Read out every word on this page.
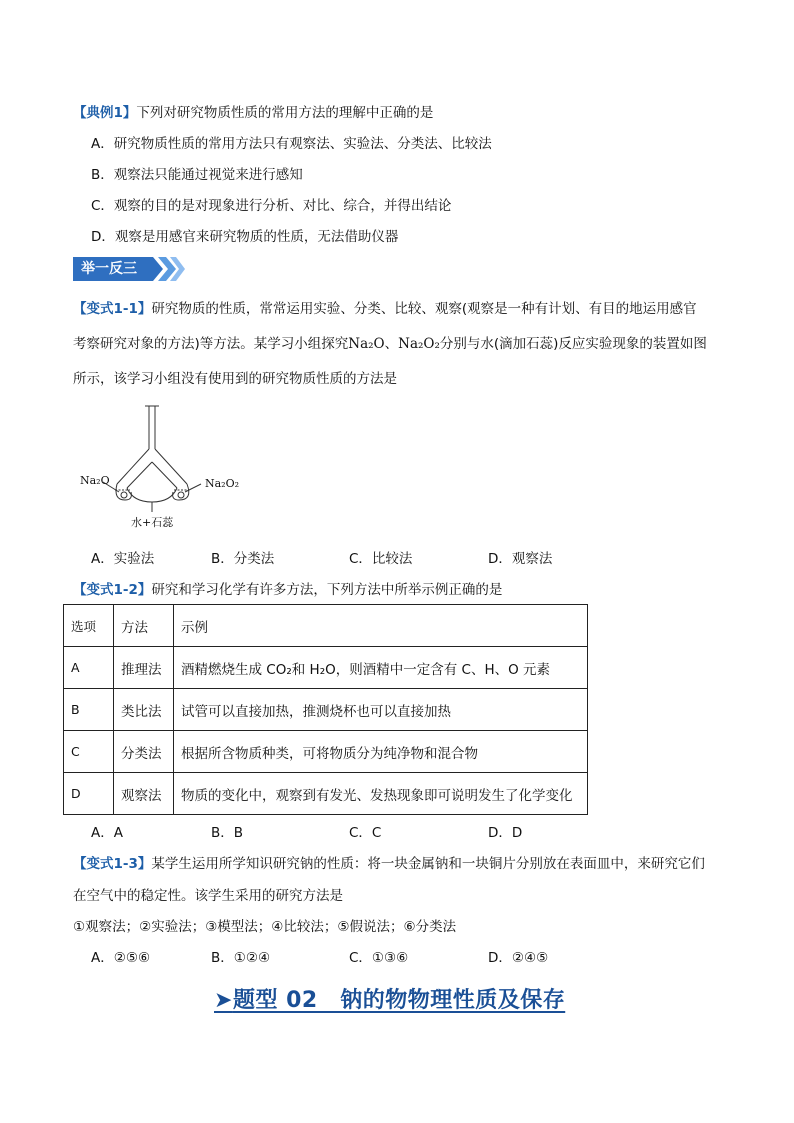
【典例1】下列对研究物质性质的常用方法的理解中正确的是
A．研究物质性质的常用方法只有观察法、实验法、分类法、比较法
B．观察法只能通过视觉来进行感知
C．观察的目的是对现象进行分析、对比、综合，并得出结论
D．观察是用感官来研究物质的性质，无法借助仪器
举一反三
【变式1-1】研究物质的性质，常常运用实验、分类、比较、观察(观察是一种有计划、有目的地运用感官
考察研究对象的方法)等方法。某学习小组探究Na₂O、Na₂O₂分别与水(滴加石蕊)反应实验现象的装置如图
所示，该学习小组没有使用到的研究物质性质的方法是
Na₂O	Na₂O₂
水+石蕊
A．实验法	B．分类法	C．比较法	D．观察法
【变式1-2】研究和学习化学有许多方法，下列方法中所举示例正确的是
选项	方法	示例
A	推理法	酒精燃烧生成 CO₂和 H₂O，则酒精中一定含有 C、H、O 元素
B	类比法	试管可以直接加热，推测烧杯也可以直接加热
C	分类法	根据所含物质种类，可将物质分为纯净物和混合物
D	观察法	物质的变化中，观察到有发光、发热现象即可说明发生了化学变化
A．A	B．B	C．C	D．D
【变式1-3】某学生运用所学知识研究钠的性质：将一块金属钠和一块铜片分别放在表面皿中，来研究它们
在空气中的稳定性。该学生采用的研究方法是
①观察法；②实验法；③模型法；④比较法；⑤假说法；⑥分类法
A．②⑤⑥	B．①②④	C．①③⑥	D．②④⑤
➤题型 02　钠的物物理性质及保存
